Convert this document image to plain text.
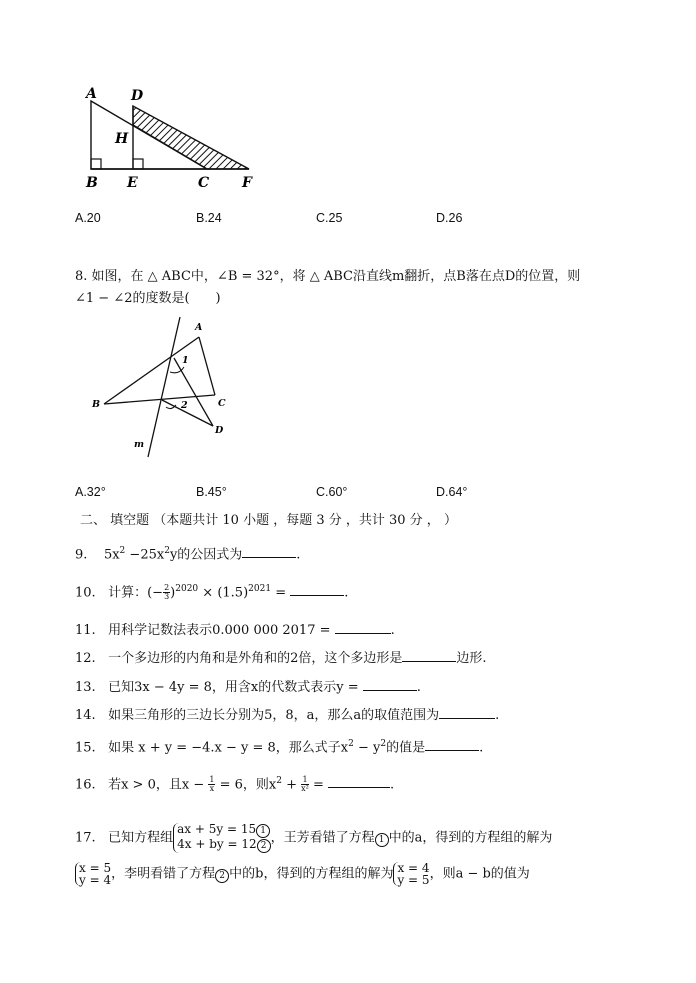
A D
H
B E	C F
A.20	B.24	C.25	D.26
8. 如图，在 △ ABC中，∠B = 32°，将 △ ABC沿直线m翻折，点B落在点D的位置，则
∠1 − ∠2的度数是(　　)
A
1
B	C
2
D
m
A.32°	B.45°	C.60°	D.64°
二、 填空题 （本题共计 10 小题 ，每题 3 分 ，共计 30 分 ， ）
9. $5x^2 -25x^2y$的公因式为	.
10. 计算：(− $\frac{2}{3} )^{2020} \times (1.5)^{2021}$ =	.
11. 用科学记数法表示0.000 000 2017 =	.
12. 一个多边形的内角和是外角和的2倍，这个多边形是	边形.
13. 已知3x − 4y = 8，用含x的代数式表示y =	.
14. 如果三角形的三边长分别为5，8，a，那么a的取值范围为	.
15. 如果 x + y = −4.x − y = 8，那么式子$x^2 - y^2$的值是	.
16. 若x > 0，且$x - \frac{1}{x} = 6$，则$x^2 + \frac{1}{\text{x²}}$ =	.
17. 已知方程组ax + 5y = 15 1
4x + by = 12 2，王芳看错了方程 1 中的a，得到的方程组的解为
x = 5
y = 4，李明看错了方程 2 中的b，得到的方程组的解为 x = 4
y = 5，则a − b的值为
